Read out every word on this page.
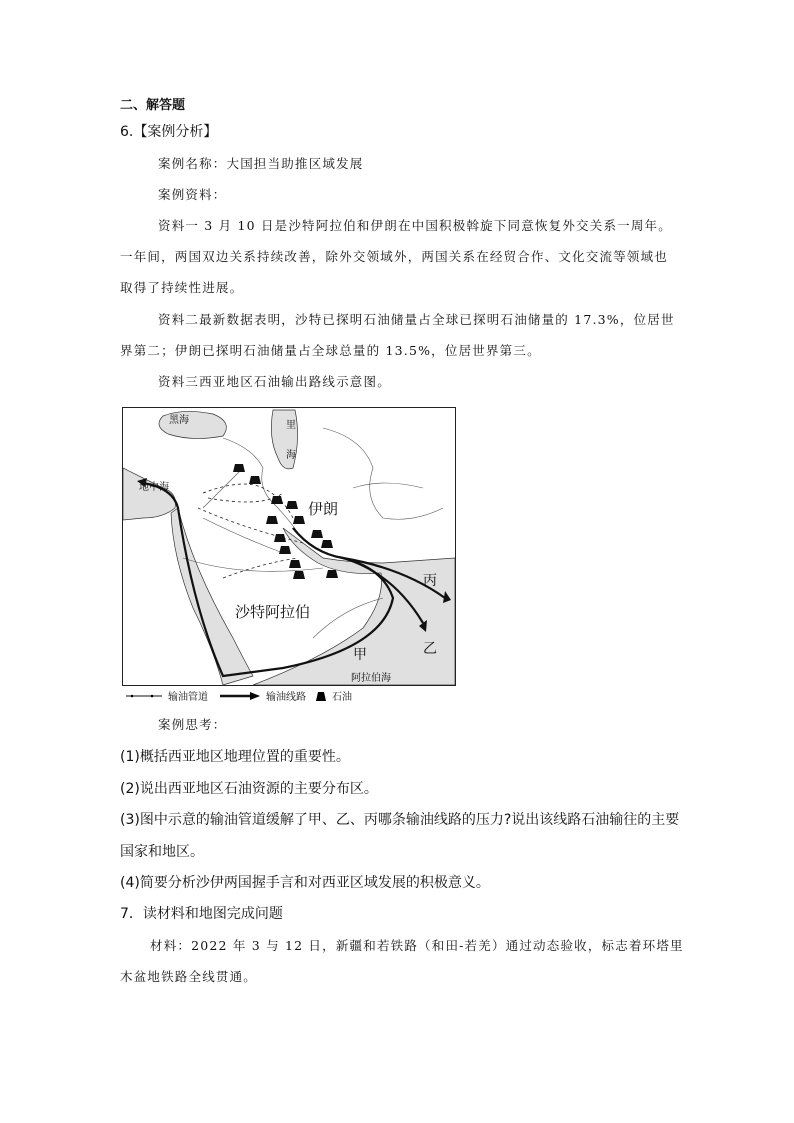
二、解答题
6.【案例分析】
案例名称：大国担当助推区域发展
案例资料：
资料一 3 月 10 日是沙特阿拉伯和伊朗在中国积极斡旋下同意恢复外交关系一周年。
一年间，两国双边关系持续改善，除外交领域外，两国关系在经贸合作、文化交流等领域也
取得了持续性进展。
资料二最新数据表明，沙特已探明石油储量占全球已探明石油储量的 17.3%，位居世
界第二；伊朗已探明石油储量占全球总量的 13.5%，位居世界第三。
资料三西亚地区石油输出路线示意图。
黑海	里
海
地中海
伊朗
沙特阿拉伯
丙
乙
甲
阿拉伯海
输油管道	输油线路	石油
案例思考：
(1)概括西亚地区地理位置的重要性。
(2)说出西亚地区石油资源的主要分布区。
(3)图中示意的输油管道缓解了甲、乙、丙哪条输油线路的压力?说出该线路石油输往的主要
国家和地区。
(4)简要分析沙伊两国握手言和对西亚区域发展的积极意义。
7．读材料和地图完成问题
材料：2022 年 3 与 12 日，新疆和若铁路（和田-若羌）通过动态验收，标志着环塔里
木盆地铁路全线贯通。
